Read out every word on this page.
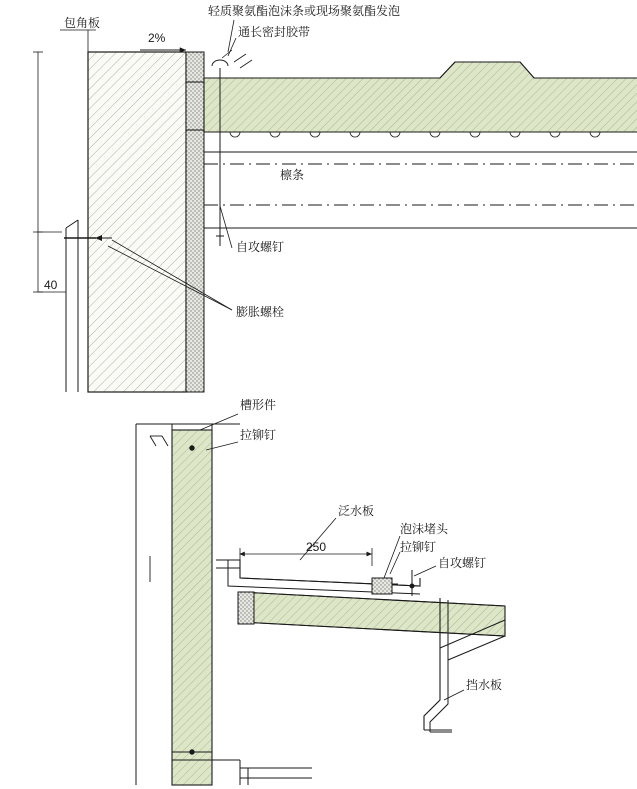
包角板
2%
轻质聚氨酯泡沫条或现场聚氨酯发泡
通长密封胶带
檩条
自攻螺钉
膨胀螺栓
40
槽形件
拉铆钉
泛水板
泡沫堵头
拉铆钉
自攻螺钉
250
挡水板
